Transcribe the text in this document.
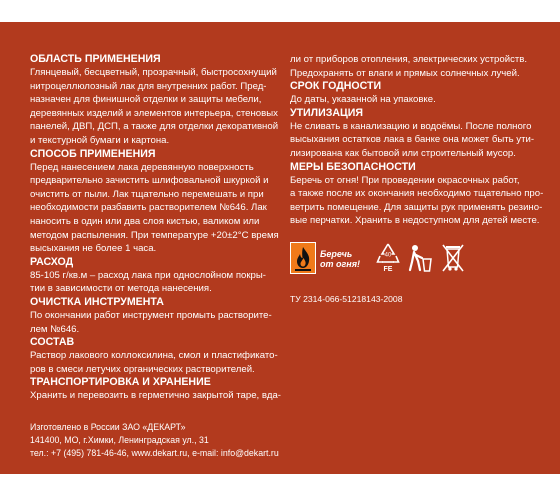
ОБЛАСТЬ ПРИМЕНЕНИЯ
Глянцевый, бесцветный, прозрачный, быстросохнущий
нитроцеллюлозный лак для внутренних работ. Пред-
назначен для финишной отделки и защиты мебели,
деревянных изделий и элементов интерьера, стеновых
панелей, ДВП, ДСП, а также для отделки декоративной
и текстурной бумаги и картона.
СПОСОБ ПРИМЕНЕНИЯ
Перед нанесением лака деревянную поверхность
предварительно зачистить шлифовальной шкуркой и
очистить от пыли. Лак тщательно перемешать и при
необходимости разбавить растворителем №646. Лак
наносить в один или два слоя кистью, валиком или
методом распыления. При температуре +20±2°С время
высыхания не более 1 часа.
РАСХОД
85-105 г/кв.м – расход лака при однослойном покры-
тии в зависимости от метода нанесения.
ОЧИСТКА ИНСТРУМЕНТА
По окончании работ инструмент промыть растворите-
лем №646.
СОСТАВ
Раствор лакового коллоксилина, смол и пластификато-
ров в смеси летучих органических растворителей.
ТРАНСПОРТИРОВКА И ХРАНЕНИЕ
Хранить и перевозить в герметично закрытой таре, вда-
ли от приборов отопления, электрических устройств.
Предохранять от влаги и прямых солнечных лучей.
СРОК ГОДНОСТИ
До даты, указанной на упаковке.
УТИЛИЗАЦИЯ
Не сливать в канализацию и водоёмы. После полного
высыхания остатков лака в банке она может быть ути-
лизирована как бытовой или строительный мусор.
МЕРЫ БЕЗОПАСНОСТИ
Беречь от огня! При проведении окрасочных работ,
а также после их окончания необходимо тщательно про-
ветрить помещение. Для защиты рук применять резино-
вые перчатки. Хранить в недоступном для детей месте.
Беречь
от огня!
40
FE
ТУ 2314-066-51218143-2008
Изготовлено в России ЗАО «ДЕКАРТ»
141400, МО, г.Химки, Ленинградская ул., 31
тел.: +7 (495) 781-46-46, www.dekart.ru, e-mail: info@dekart.ru
